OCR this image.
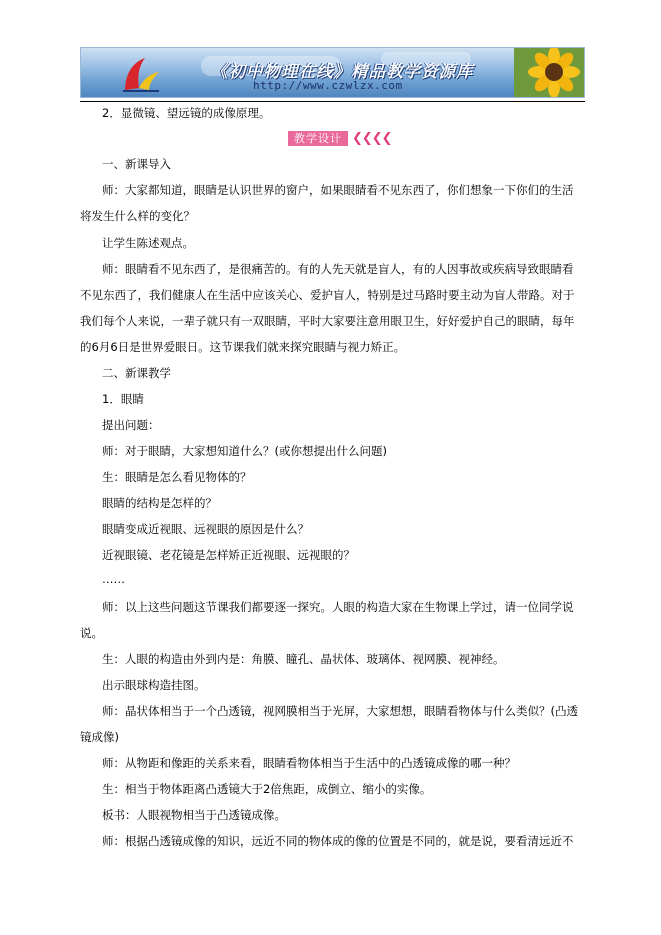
《初中物理在线》精品教学资源库
http://www.czwlzx.com
2．显微镜、望远镜的成像原理。
教学设计 ❮❮❮❮
一、新课导入
师：大家都知道，眼睛是认识世界的窗户，如果眼睛看不见东西了，你们想象一下你们的生活
将发生什么样的变化？
让学生陈述观点。
师：眼睛看不见东西了，是很痛苦的。有的人先天就是盲人，有的人因事故或疾病导致眼睛看
不见东西了，我们健康人在生活中应该关心、爱护盲人，特别是过马路时要主动为盲人带路。对于
我们每个人来说，一辈子就只有一双眼睛，平时大家要注意用眼卫生，好好爱护自己的眼睛，每年
的6月6日是世界爱眼日。这节课我们就来探究眼睛与视力矫正。
二、新课教学
1．眼睛
提出问题：
师：对于眼睛，大家想知道什么？(或你想提出什么问题)
生：眼睛是怎么看见物体的？
眼睛的结构是怎样的？
眼睛变成近视眼、远视眼的原因是什么？
近视眼镜、老花镜是怎样矫正近视眼、远视眼的？
……
师：以上这些问题这节课我们都要逐一探究。人眼的构造大家在生物课上学过，请一位同学说
说。
生：人眼的构造由外到内是：角膜、瞳孔、晶状体、玻璃体、视网膜、视神经。
出示眼球构造挂图。
师：晶状体相当于一个凸透镜，视网膜相当于光屏，大家想想，眼睛看物体与什么类似？(凸透
镜成像)
师：从物距和像距的关系来看，眼睛看物体相当于生活中的凸透镜成像的哪一种？
生：相当于物体距离凸透镜大于2倍焦距，成倒立、缩小的实像。
板书：人眼视物相当于凸透镜成像。
师：根据凸透镜成像的知识，远近不同的物体成的像的位置是不同的，就是说，要看清远近不
